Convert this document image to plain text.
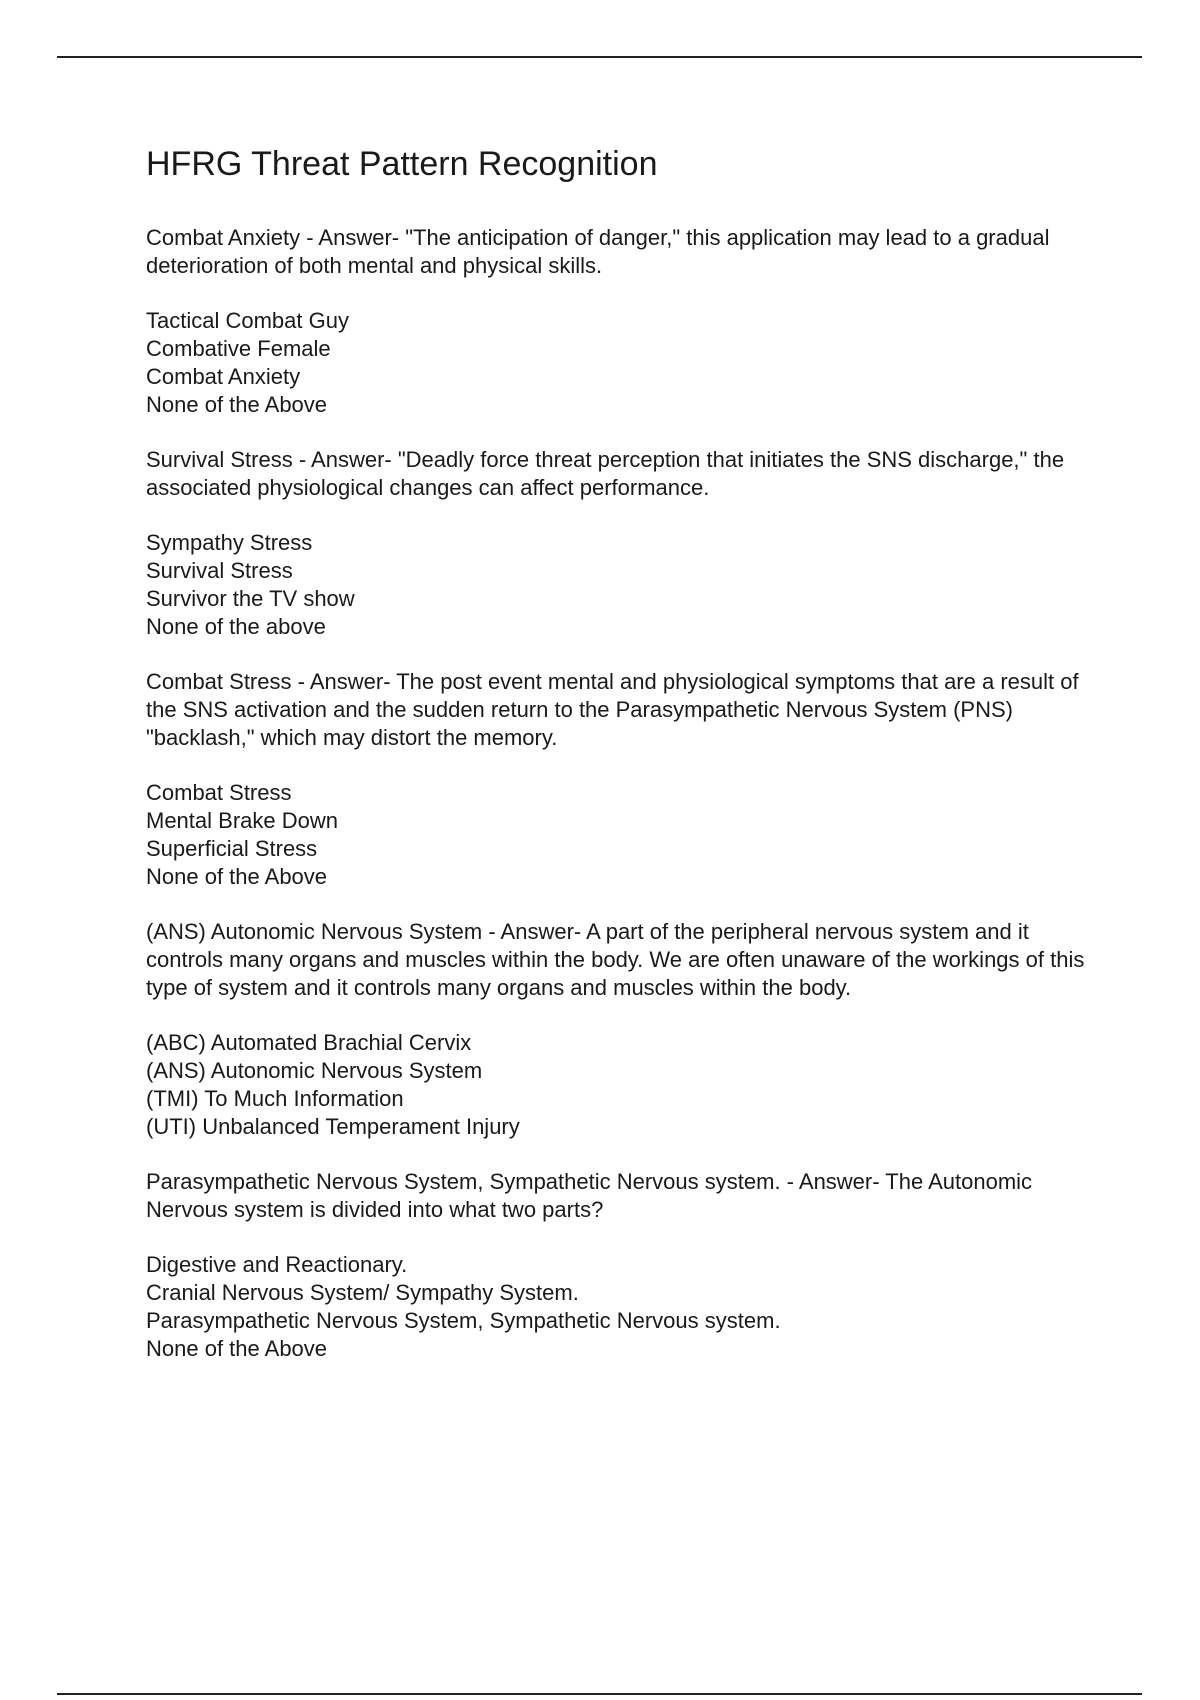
HFRG Threat Pattern Recognition

Combat Anxiety - Answer- "The anticipation of danger," this application may lead to a gradual deterioration of both mental and physical skills.

Tactical Combat Guy
Combative Female
Combat Anxiety
None of the Above

Survival Stress - Answer- "Deadly force threat perception that initiates the SNS discharge," the associated physiological changes can affect performance.

Sympathy Stress
Survival Stress
Survivor the TV show
None of the above

Combat Stress - Answer- The post event mental and physiological symptoms that are a result of the SNS activation and the sudden return to the Parasympathetic Nervous System (PNS) "backlash," which may distort the memory.

Combat Stress
Mental Brake Down
Superficial Stress
None of the Above

(ANS) Autonomic Nervous System - Answer- A part of the peripheral nervous system and it controls many organs and muscles within the body. We are often unaware of the workings of this type of system and it controls many organs and muscles within the body.

(ABC) Automated Brachial Cervix
(ANS) Autonomic Nervous System
(TMI) To Much Information
(UTI) Unbalanced Temperament Injury

Parasympathetic Nervous System, Sympathetic Nervous system. - Answer- The Autonomic Nervous system is divided into what two parts?

Digestive and Reactionary.
Cranial Nervous System/ Sympathy System.
Parasympathetic Nervous System, Sympathetic Nervous system.
None of the Above
